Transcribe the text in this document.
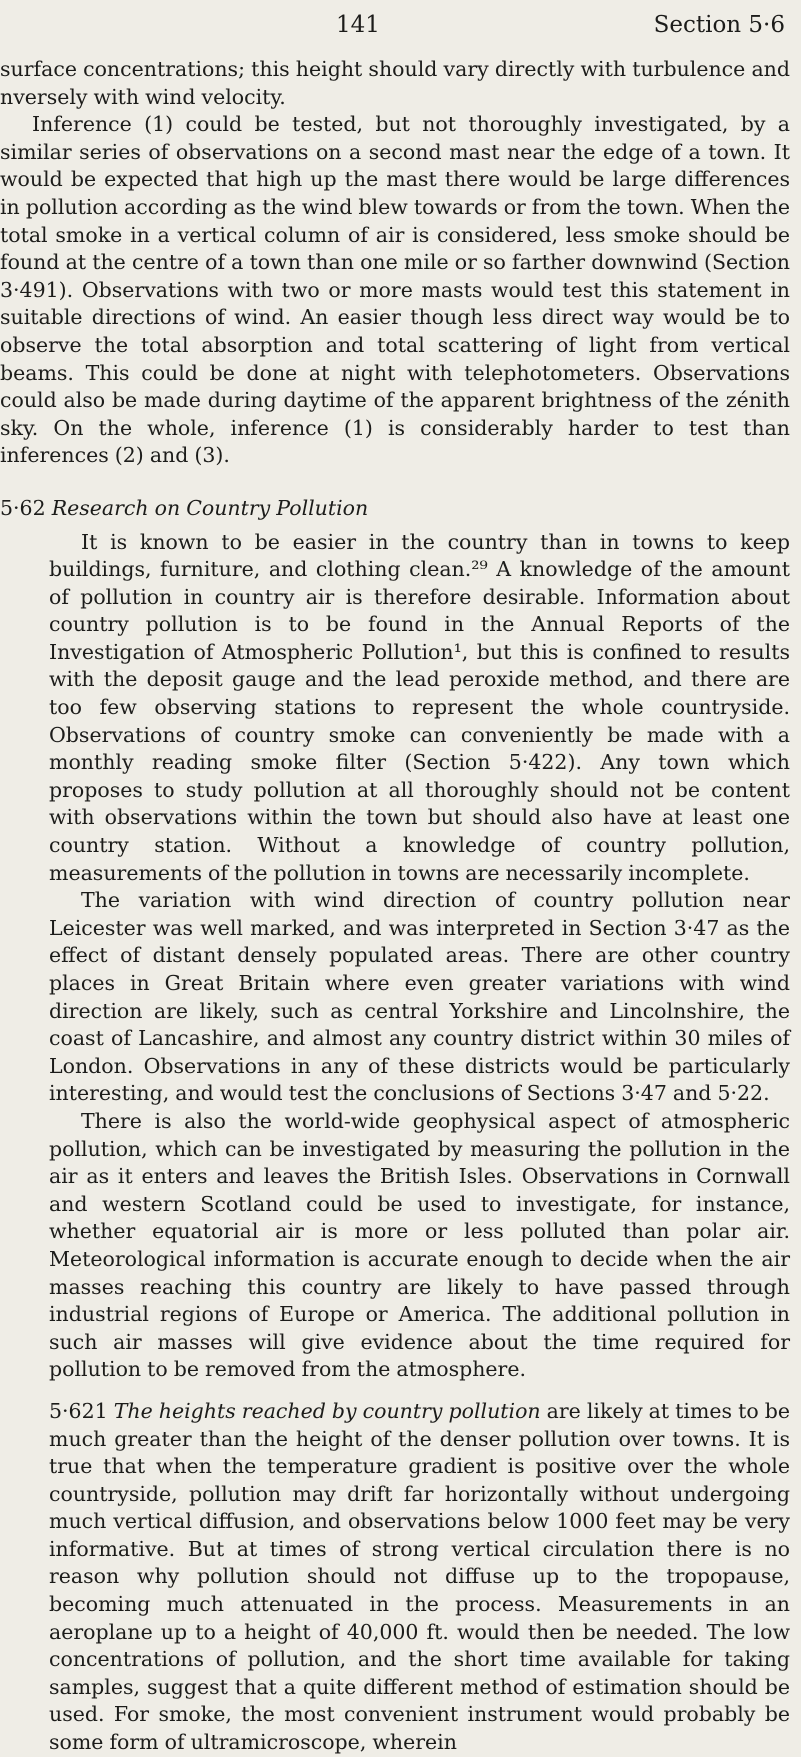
141	Section 5·6

surface concentrations; this height should vary directly with turbulence and nversely with wind velocity.

Inference (1) could be tested, but not thoroughly investigated, by a similar series of observations on a second mast near the edge of a town. It would be expected that high up the mast there would be large differences in pollution according as the wind blew towards or from the town. When the total smoke in a vertical column of air is considered, less smoke should be found at the centre of a town than one mile or so farther downwind (Section 3·491). Observations with two or more masts would test this statement in suitable directions of wind. An easier though less direct way would be to observe the total absorption and total scattering of light from vertical beams. This could be done at night with telephotometers. Observations could also be made during daytime of the apparent brightness of the zénith sky. On the whole, inference (1) is considerably harder to test than inferences (2) and (3).

5·62 Research on Country Pollution

It is known to be easier in the country than in towns to keep buildings, furniture, and clothing clean.²⁹ A knowledge of the amount of pollution in country air is therefore desirable. Information about country pollution is to be found in the Annual Reports of the Investigation of Atmospheric Pollution¹, but this is confined to results with the deposit gauge and the lead peroxide method, and there are too few observing stations to represent the whole countryside. Observations of country smoke can conveniently be made with a monthly reading smoke filter (Section 5·422). Any town which proposes to study pollution at all thoroughly should not be content with observations within the town but should also have at least one country station. Without a knowledge of country pollution, measurements of the pollution in towns are necessarily incomplete.

The variation with wind direction of country pollution near Leicester was well marked, and was interpreted in Section 3·47 as the effect of distant densely populated areas. There are other country places in Great Britain where even greater variations with wind direction are likely, such as central Yorkshire and Lincolnshire, the coast of Lancashire, and almost any country district within 30 miles of London. Observations in any of these districts would be particularly interesting, and would test the conclusions of Sections 3·47 and 5·22.

There is also the world-wide geophysical aspect of atmospheric pollution, which can be investigated by measuring the pollution in the air as it enters and leaves the British Isles. Observations in Cornwall and western Scotland could be used to investigate, for instance, whether equatorial air is more or less polluted than polar air. Meteorological information is accurate enough to decide when the air masses reaching this country are likely to have passed through industrial regions of Europe or America. The additional pollution in such air masses will give evidence about the time required for pollution to be removed from the atmosphere.

5·621 The heights reached by country pollution are likely at times to be much greater than the height of the denser pollution over towns. It is true that when the temperature gradient is positive over the whole countryside, pollution may drift far horizontally without undergoing much vertical diffusion, and observations below 1000 feet may be very informative. But at times of strong vertical circulation there is no reason why pollution should not diffuse up to the tropopause, becoming much attenuated in the process. Measurements in an aeroplane up to a height of 40,000 ft. would then be needed. The low concentrations of pollution, and the short time available for taking samples, suggest that a quite different method of estimation should be used. For smoke, the most convenient instrument would probably be some form of ultramicroscope, wherein
